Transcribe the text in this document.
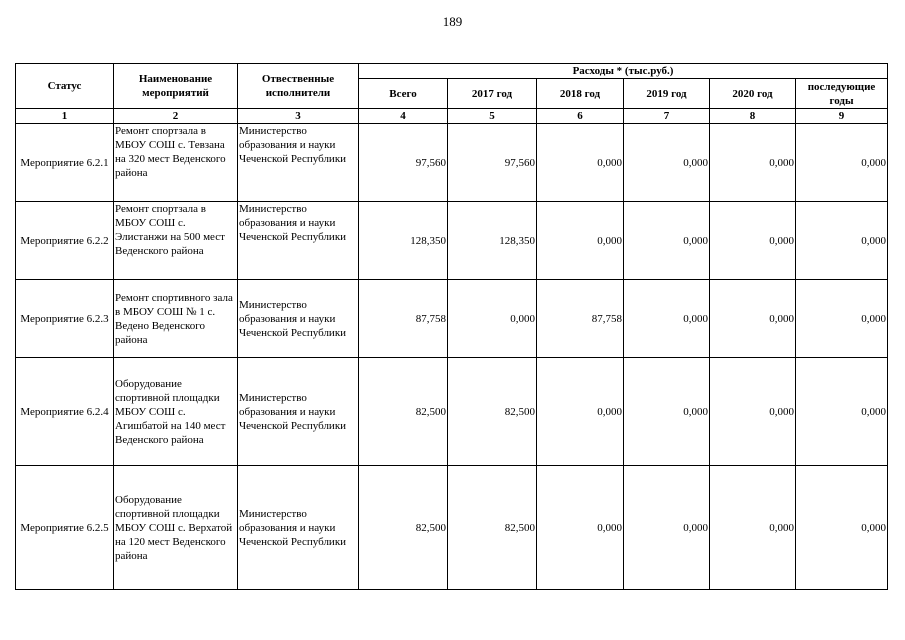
189
Статус	Наименование мероприятий	Отвественные исполнители	Расходы * (тыс.руб.)					
			Всего	2017 год	2018 год	2019 год	2020 год	последующие годы
1	2	3	4	5	6	7	8	9
Мероприятие 6.2.1	Ремонт спортзала в МБОУ СОШ с. Тевзана на 320 мест Веденского района	Министерство образования и науки Чеченской Республики	97,560	97,560	0,000	0,000	0,000	0,000
Мероприятие 6.2.2	Ремонт спортзала в МБОУ СОШ с. Элистанжи на 500 мест Веденского района	Министерство образования и науки Чеченской Республики	128,350	128,350	0,000	0,000	0,000	0,000
Мероприятие 6.2.3	Ремонт спортивного зала в МБОУ СОШ № 1 с. Ведено Веденского района	Министерство образования и науки Чеченской Республики	87,758	0,000	87,758	0,000	0,000	0,000
Мероприятие 6.2.4	Оборудование спортивной площадки МБОУ СОШ с. Агишбатой на 140 мест Веденского района	Министерство образования и науки Чеченской Республики	82,500	82,500	0,000	0,000	0,000	0,000
Мероприятие 6.2.5	Оборудование спортивной площадки МБОУ СОШ с. Верхатой на 120 мест Веденского района	Министерство образования и науки Чеченской Республики	82,500	82,500	0,000	0,000	0,000	0,000
